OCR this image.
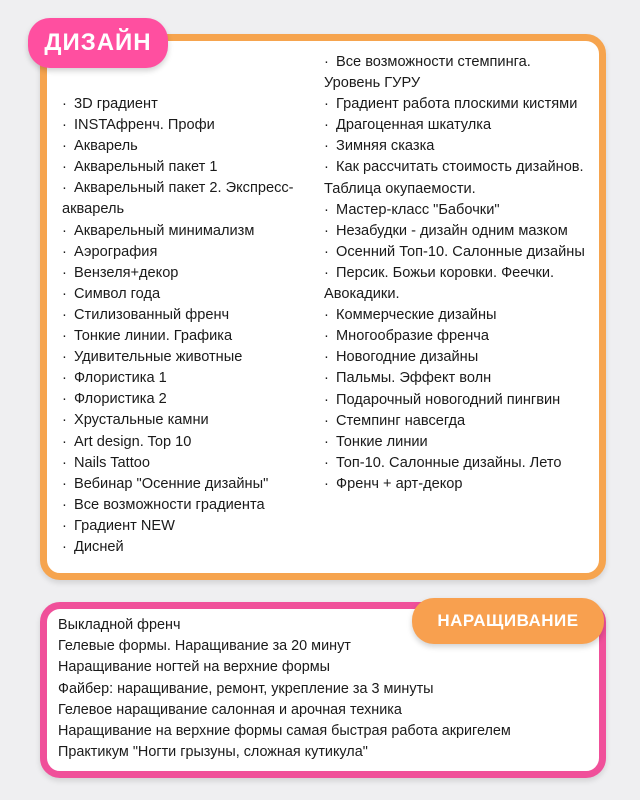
ДИЗАЙН
· 3D градиент
· INSTAфренч. Профи
· Акварель
· Акварельный пакет 1
· Акварельный пакет 2. Экспресс-акварель
· Акварельный минимализм
· Аэрография
· Вензеля+декор
· Символ года
· Стилизованный френч
· Тонкие линии. Графика
· Удивительные животные
· Флористика 1
· Флористика 2
· Хрустальные камни
· Art design. Top 10
· Nails Tattoo
· Вебинар "Осенние дизайны"
· Все возможности градиента
· Градиент NEW
· Дисней
· Все возможности стемпинга. Уровень ГУРУ
· Градиент работа плоскими кистями
· Драгоценная шкатулка
· Зимняя сказка
· Как рассчитать стоимость дизайнов. Таблица окупаемости.
· Мастер-класс "Бабочки"
· Незабудки - дизайн одним мазком
· Осенний Топ-10. Салонные дизайны
· Персик. Божьи коровки. Феечки. Авокадики.
· Коммерческие дизайны
· Многообразие френча
· Новогодние дизайны
· Пальмы. Эффект волн
· Подарочный новогодний пингвин
· Стемпинг навсегда
· Тонкие линии
· Топ-10. Салонные дизайны. Лето
· Френч + арт-декор
Выкладной френч
Гелевые формы. Наращивание за 20 минут
Наращивание ногтей на верхние формы
Файбер: наращивание, ремонт, укрепление за 3 минуты
Гелевое наращивание салонная и арочная техника
Наращивание на верхние формы самая быстрая работа акригелем
Практикум "Ногти грызуны, сложная кутикула"
НАРАЩИВАНИЕ
